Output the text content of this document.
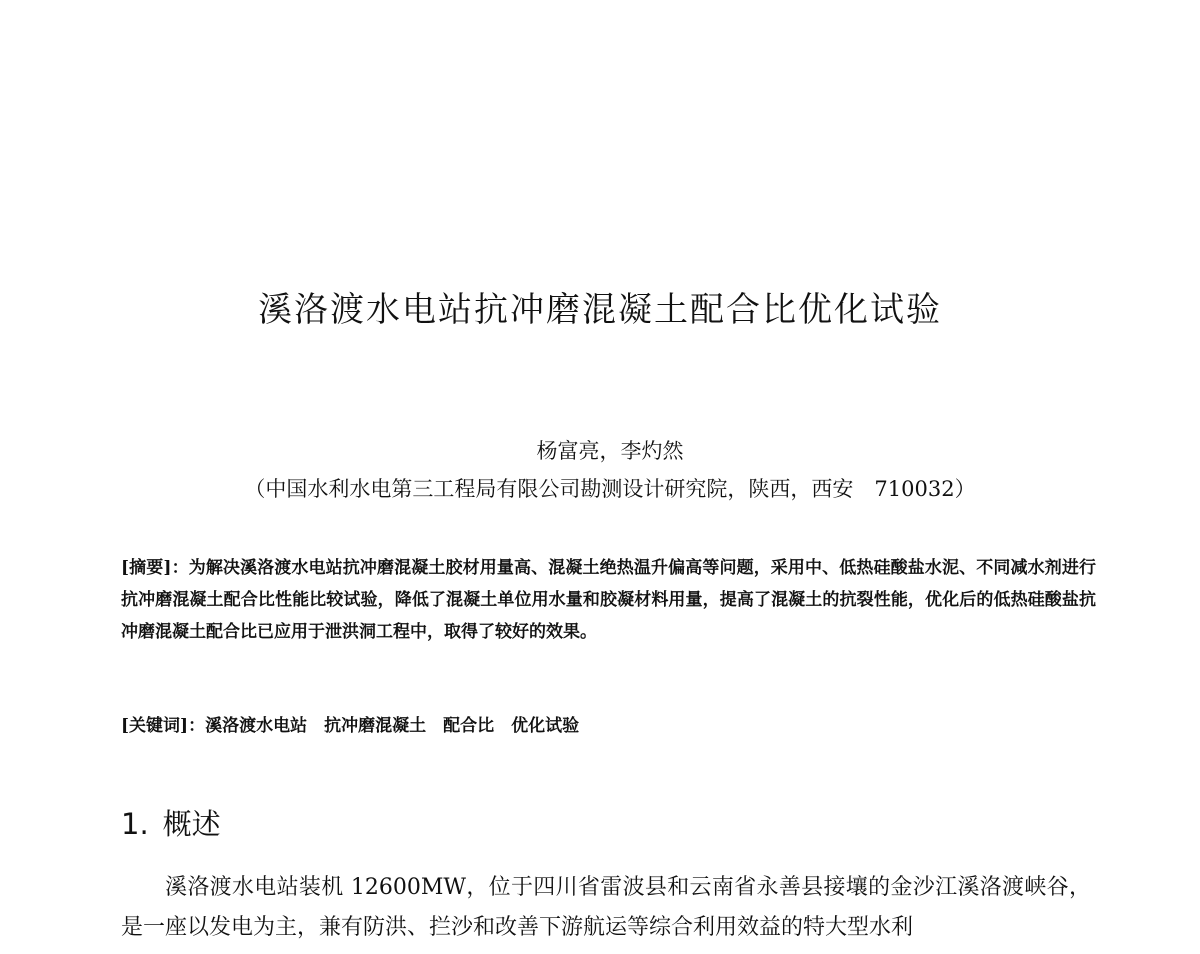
溪洛渡水电站抗冲磨混凝土配合比优化试验
杨富亮，李灼然
（中国水利水电第三工程局有限公司勘测设计研究院，陕西，西安　710032）
[摘要]：为解决溪洛渡水电站抗冲磨混凝土胶材用量高、混凝土绝热温升偏高等问题，采用中、低热硅酸盐水泥、不同减水剂进行抗冲磨混凝土配合比性能比较试验，降低了混凝土单位用水量和胶凝材料用量，提高了混凝土的抗裂性能，优化后的低热硅酸盐抗冲磨混凝土配合比已应用于泄洪洞工程中，取得了较好的效果。
[关键词]：溪洛渡水电站　抗冲磨混凝土　配合比　优化试验
1. 概述
溪洛渡水电站装机 12600MW，位于四川省雷波县和云南省永善县接壤的金沙江溪洛渡峡谷，是一座以发电为主，兼有防洪、拦沙和改善下游航运等综合利用效益的特大型水利
